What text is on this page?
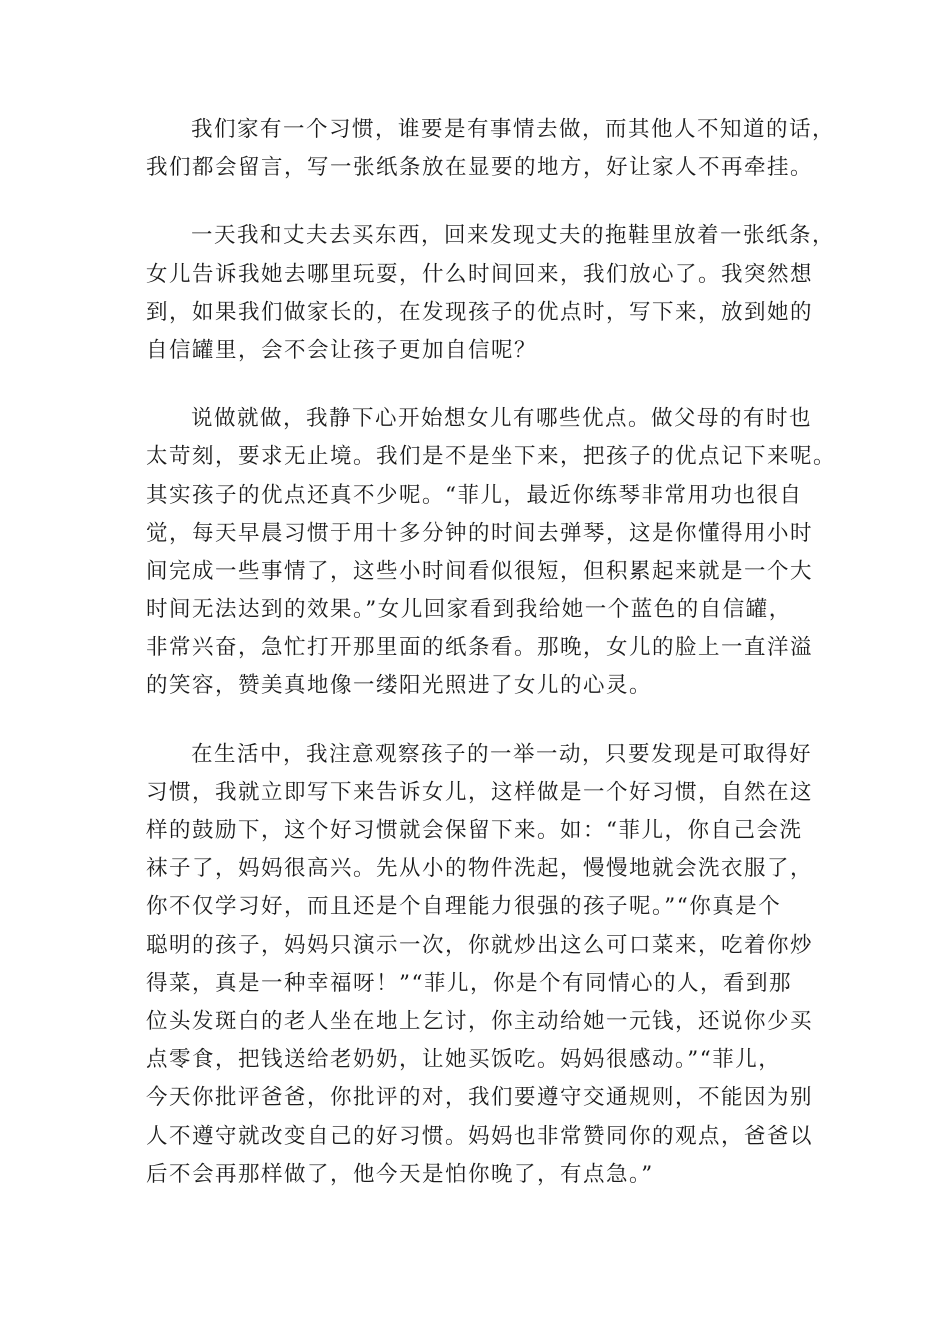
我们家有一个习惯，谁要是有事情去做，而其他人不知道的话，
我们都会留言，写一张纸条放在显要的地方，好让家人不再牵挂。

一天我和丈夫去买东西，回来发现丈夫的拖鞋里放着一张纸条，
女儿告诉我她去哪里玩耍，什么时间回来，我们放心了。我突然想
到，如果我们做家长的，在发现孩子的优点时，写下来，放到她的
自信罐里，会不会让孩子更加自信呢？

说做就做，我静下心开始想女儿有哪些优点。做父母的有时也
太苛刻，要求无止境。我们是不是坐下来，把孩子的优点记下来呢。
其实孩子的优点还真不少呢。“菲儿，最近你练琴非常用功也很自
觉，每天早晨习惯于用十多分钟的时间去弹琴，这是你懂得用小时
间完成一些事情了，这些小时间看似很短，但积累起来就是一个大
时间无法达到的效果。”女儿回家看到我给她一个蓝色的自信罐，
非常兴奋，急忙打开那里面的纸条看。那晚，女儿的脸上一直洋溢
的笑容，赞美真地像一缕阳光照进了女儿的心灵。

在生活中，我注意观察孩子的一举一动，只要发现是可取得好
习惯，我就立即写下来告诉女儿，这样做是一个好习惯，自然在这
样的鼓励下，这个好习惯就会保留下来。如：“菲儿，你自己会洗
袜子了，妈妈很高兴。先从小的物件洗起，慢慢地就会洗衣服了，
你不仅学习好，而且还是个自理能力很强的孩子呢。”“你真是个
聪明的孩子，妈妈只演示一次，你就炒出这么可口菜来，吃着你炒
得菜，真是一种幸福呀！”“菲儿，你是个有同情心的人，看到那
位头发斑白的老人坐在地上乞讨，你主动给她一元钱，还说你少买
点零食，把钱送给老奶奶，让她买饭吃。妈妈很感动。”“菲儿，
今天你批评爸爸，你批评的对，我们要遵守交通规则，不能因为别
人不遵守就改变自己的好习惯。妈妈也非常赞同你的观点，爸爸以
后不会再那样做了，他今天是怕你晚了，有点急。”
